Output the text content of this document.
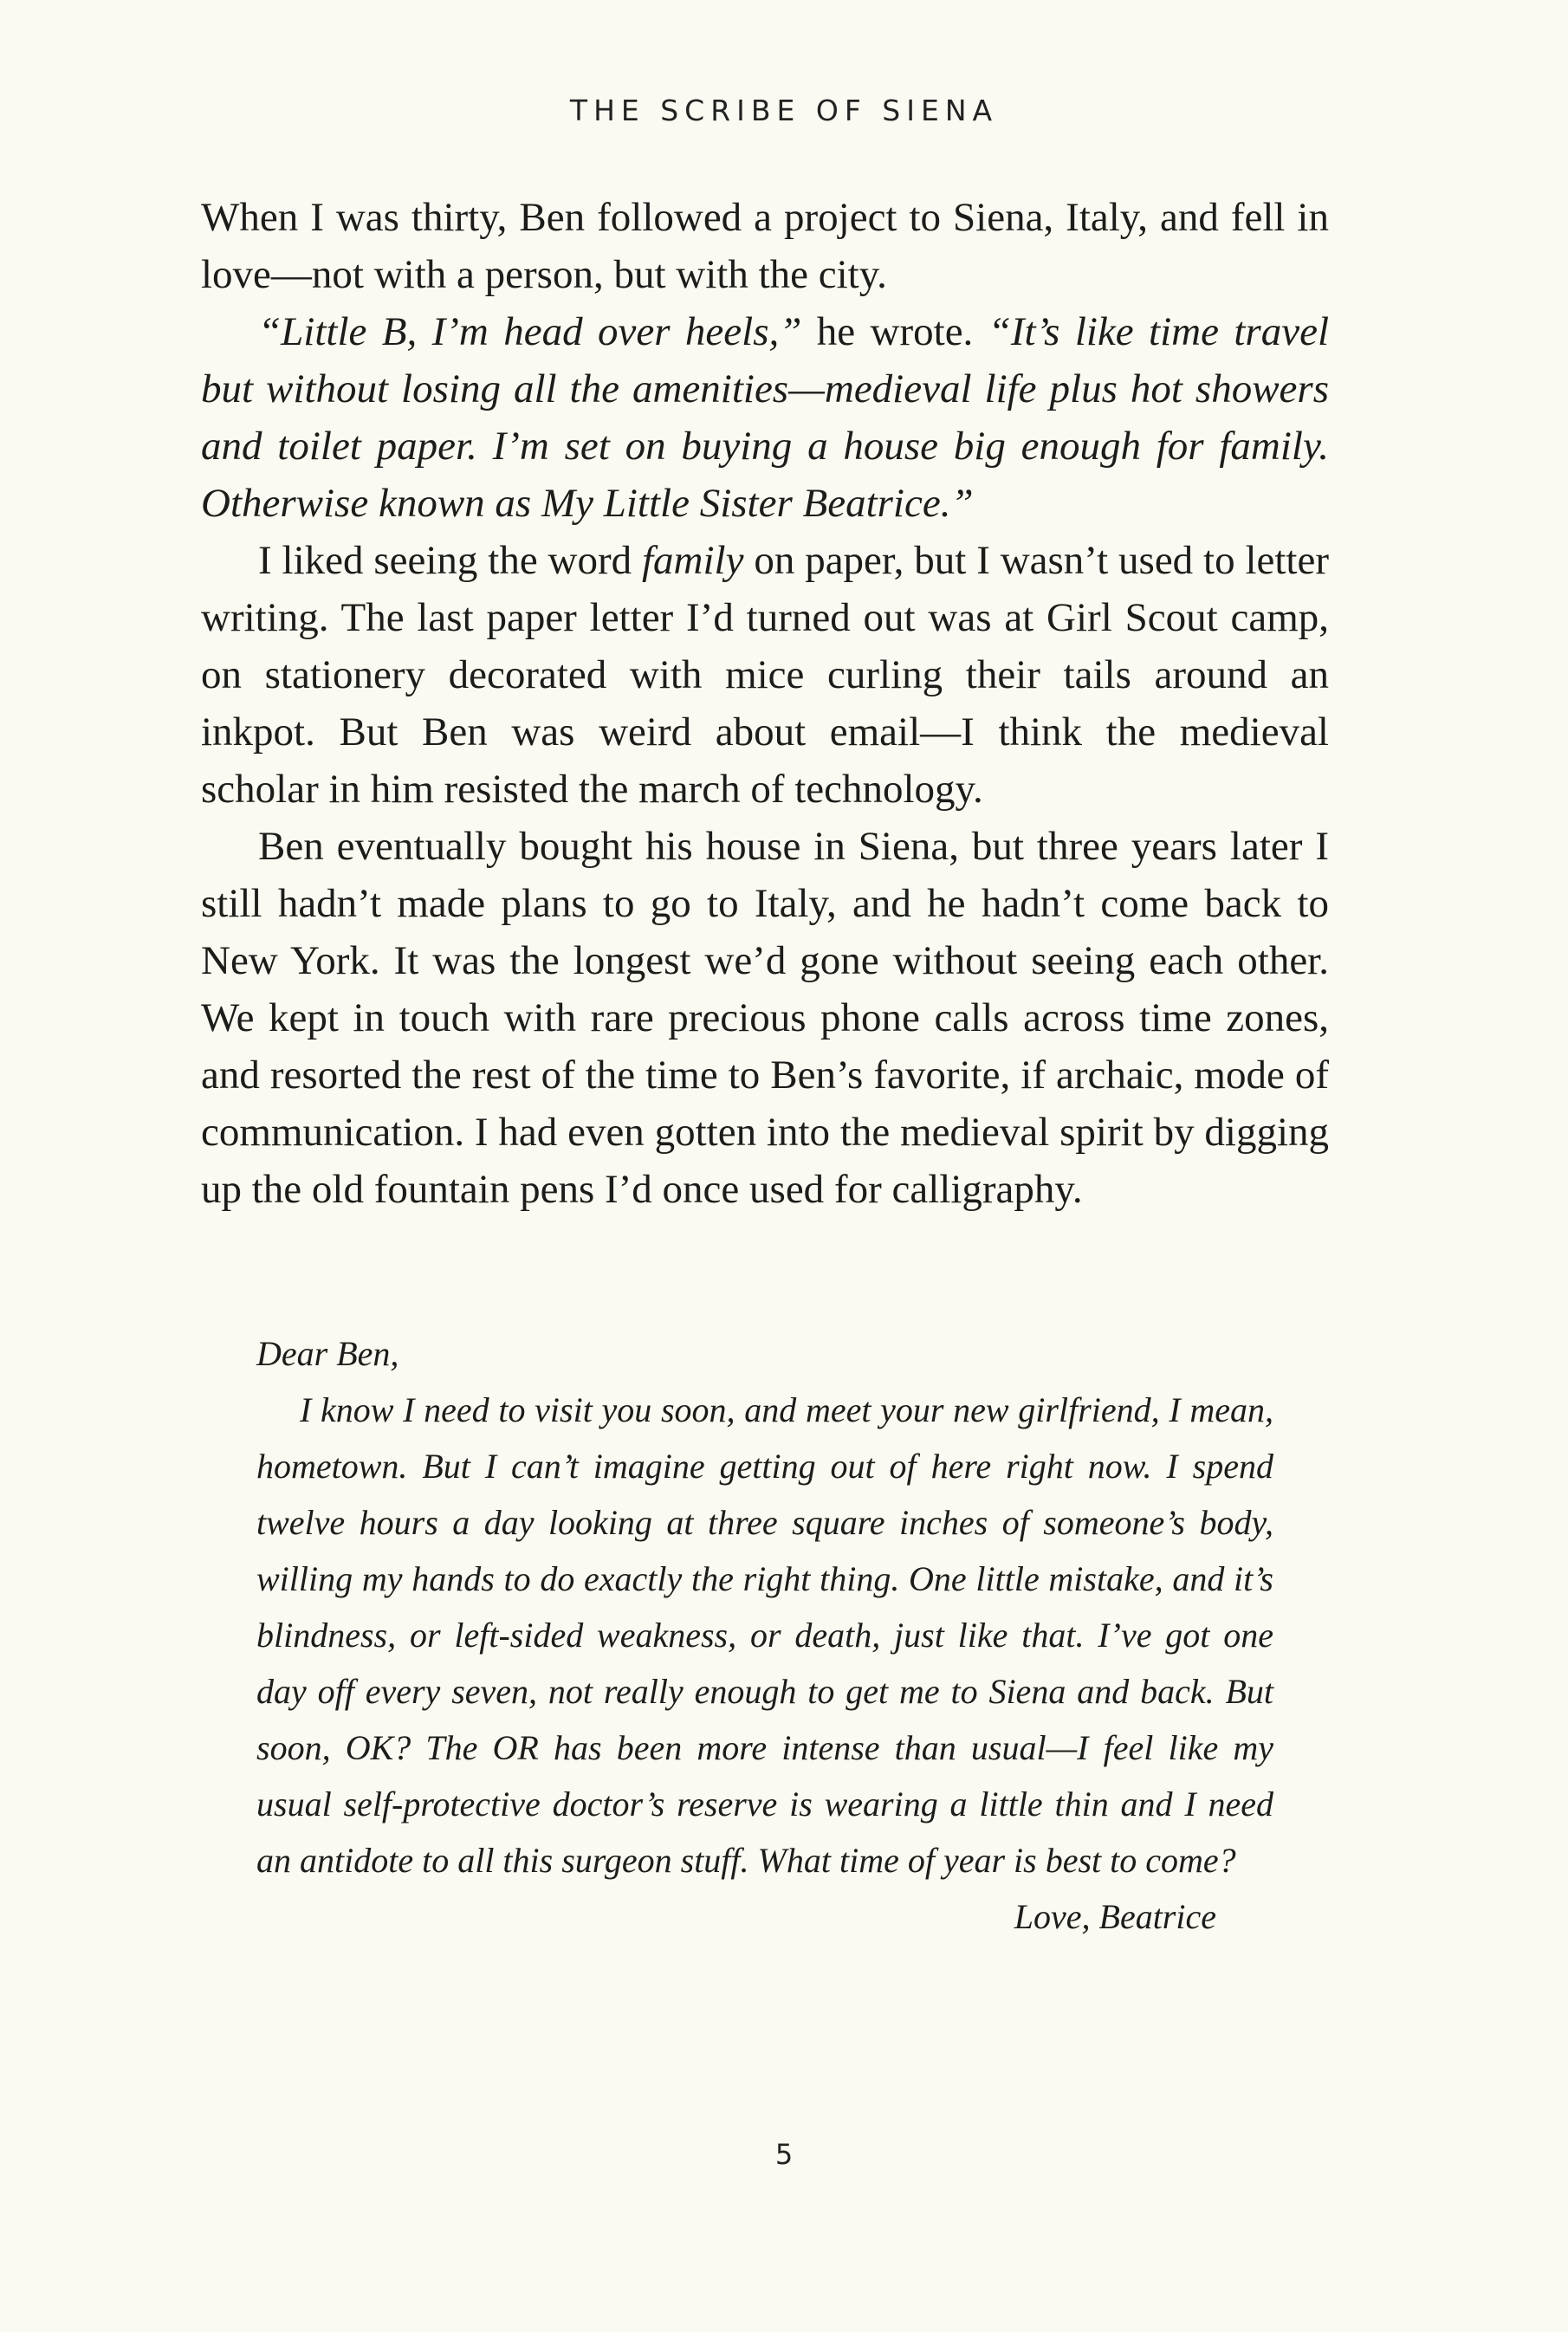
THE SCRIBE OF SIENA

When I was thirty, Ben followed a project to Siena, Italy, and fell in love—not with a person, but with the city.

“Little B, I’m head over heels,” he wrote. “It’s like time travel but without losing all the amenities—medieval life plus hot showers and toilet paper. I’m set on buying a house big enough for family. Otherwise known as My Little Sister Beatrice.”

I liked seeing the word family on paper, but I wasn’t used to letter writing. The last paper letter I’d turned out was at Girl Scout camp, on stationery decorated with mice curling their tails around an inkpot. But Ben was weird about email—I think the medieval scholar in him resisted the march of technology.

Ben eventually bought his house in Siena, but three years later I still hadn’t made plans to go to Italy, and he hadn’t come back to New York. It was the longest we’d gone without seeing each other. We kept in touch with rare precious phone calls across time zones, and resorted the rest of the time to Ben’s favorite, if archaic, mode of communication. I had even gotten into the medieval spirit by digging up the old fountain pens I’d once used for calligraphy.

Dear Ben,

I know I need to visit you soon, and meet your new girlfriend, I mean, hometown. But I can’t imagine getting out of here right now. I spend twelve hours a day looking at three square inches of someone’s body, willing my hands to do exactly the right thing. One little mistake, and it’s blindness, or left-sided weakness, or death, just like that. I’ve got one day off every seven, not really enough to get me to Siena and back. But soon, OK? The OR has been more intense than usual—I feel like my usual self-protective doctor’s reserve is wearing a little thin and I need an antidote to all this surgeon stuff. What time of year is best to come?

Love, Beatrice

5
